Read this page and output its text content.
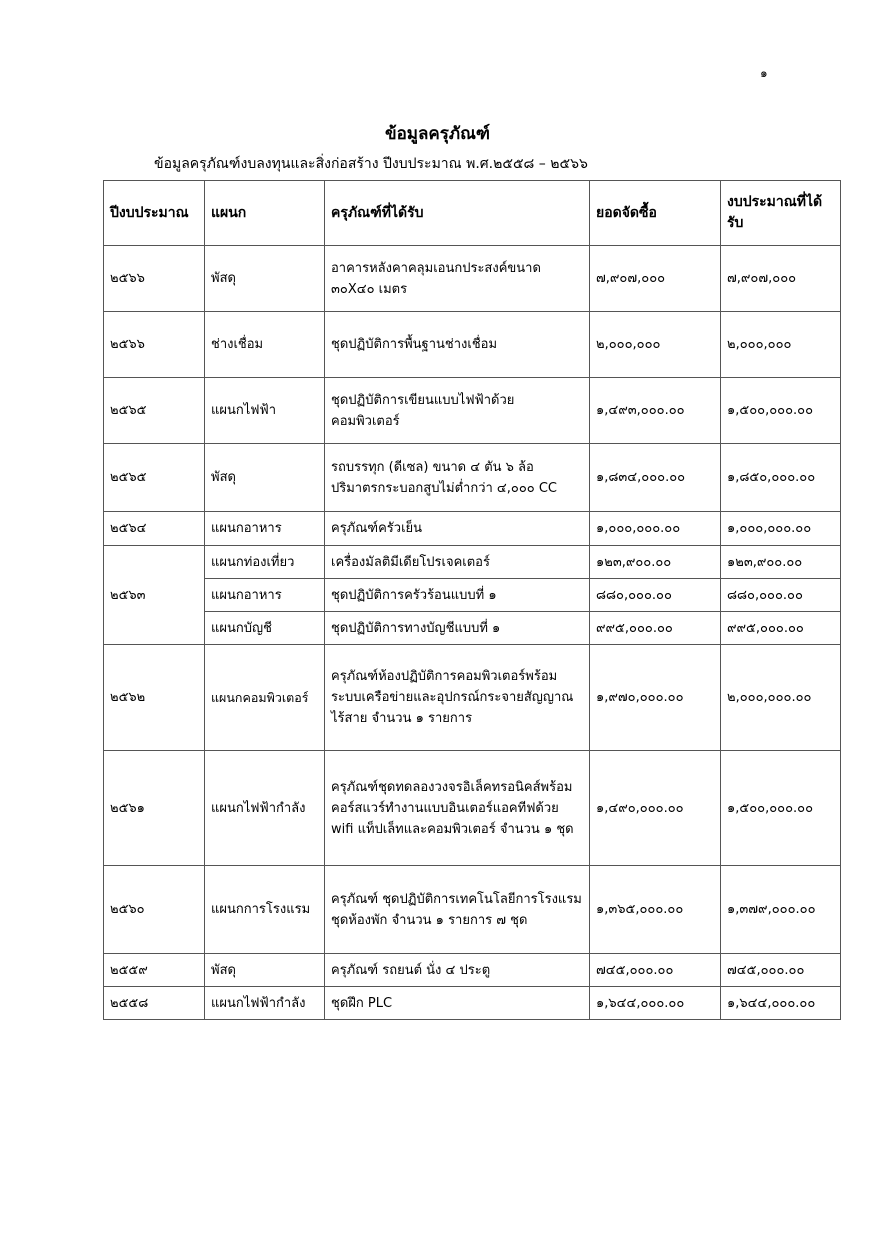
๑
ข้อมูลครุภัณฑ์
ข้อมูลครุภัณฑ์งบลงทุนและสิ่งก่อสร้าง ปีงบประมาณ พ.ศ.๒๕๕๘ – ๒๕๖๖
ปีงบประมาณ	แผนก	ครุภัณฑ์ที่ได้รับ	ยอดจัดซื้อ	งบประมาณที่ได้รับ
๒๕๖๖	พัสดุ	อาคารหลังคาคลุมเอนกประสงค์ขนาด ๓๐X๔๐ เมตร	๗,๙๐๗,๐๐๐	๗,๙๐๗,๐๐๐
๒๕๖๖	ช่างเชื่อม	ชุดปฏิบัติการพื้นฐานช่างเชื่อม	๒,๐๐๐,๐๐๐	๒,๐๐๐,๐๐๐
๒๕๖๕	แผนกไฟฟ้า	ชุดปฏิบัติการเขียนแบบไฟฟ้าด้วยคอมพิวเตอร์	๑,๔๙๓,๐๐๐.๐๐	๑,๕๐๐,๐๐๐.๐๐
๒๕๖๕	พัสดุ	รถบรรทุก (ดีเซล) ขนาด ๔ ตัน ๖ ล้อ ปริมาตรกระบอกสูบไม่ต่ำกว่า ๔,๐๐๐ CC	๑,๘๓๔,๐๐๐.๐๐	๑,๘๕๐,๐๐๐.๐๐
๒๕๖๔	แผนกอาหาร	ครุภัณฑ์ครัวเย็น	๑,๐๐๐,๐๐๐.๐๐	๑,๐๐๐,๐๐๐.๐๐
๒๕๖๓	แผนกท่องเที่ยว	เครื่องมัลติมีเดียโปรเจคเตอร์	๑๒๓,๙๐๐.๐๐	๑๒๓,๙๐๐.๐๐
	แผนกอาหาร	ชุดปฏิบัติการครัวร้อนแบบที่ ๑	๘๘๐,๐๐๐.๐๐	๘๘๐,๐๐๐.๐๐
	แผนกบัญชี	ชุดปฏิบัติการทางบัญชีแบบที่ ๑	๙๙๕,๐๐๐.๐๐	๙๙๕,๐๐๐.๐๐
๒๕๖๒	แผนกคอมพิวเตอร์	ครุภัณฑ์ห้องปฏิบัติการคอมพิวเตอร์พร้อมระบบเครือข่ายและอุปกรณ์กระจายสัญญาณไร้สาย จำนวน ๑ รายการ	๑,๙๗๐,๐๐๐.๐๐	๒,๐๐๐,๐๐๐.๐๐
๒๕๖๑	แผนกไฟฟ้ากำลัง	ครุภัณฑ์ชุดทดลองวงจรอิเล็คทรอนิคส์พร้อมคอร์สแวร์ทำงานแบบอินเตอร์แอคทีฟด้วย wifi แท็ปเล็ทและคอมพิวเตอร์ จำนวน ๑ ชุด	๑,๔๙๐,๐๐๐.๐๐	๑,๕๐๐,๐๐๐.๐๐
๒๕๖๐	แผนกการโรงแรม	ครุภัณฑ์ ชุดปฏิบัติการเทคโนโลยีการโรงแรม ชุดห้องพัก จำนวน ๑ รายการ ๗ ชุด	๑,๓๖๕,๐๐๐.๐๐	๑,๓๗๙,๐๐๐.๐๐
๒๕๕๙	พัสดุ	ครุภัณฑ์ รถยนต์ นั่ง ๔ ประตู	๗๔๕,๐๐๐.๐๐	๗๔๕,๐๐๐.๐๐
๒๕๕๘	แผนกไฟฟ้ากำลัง	ชุดฝึก PLC	๑,๖๔๔,๐๐๐.๐๐	๑,๖๔๔,๐๐๐.๐๐
